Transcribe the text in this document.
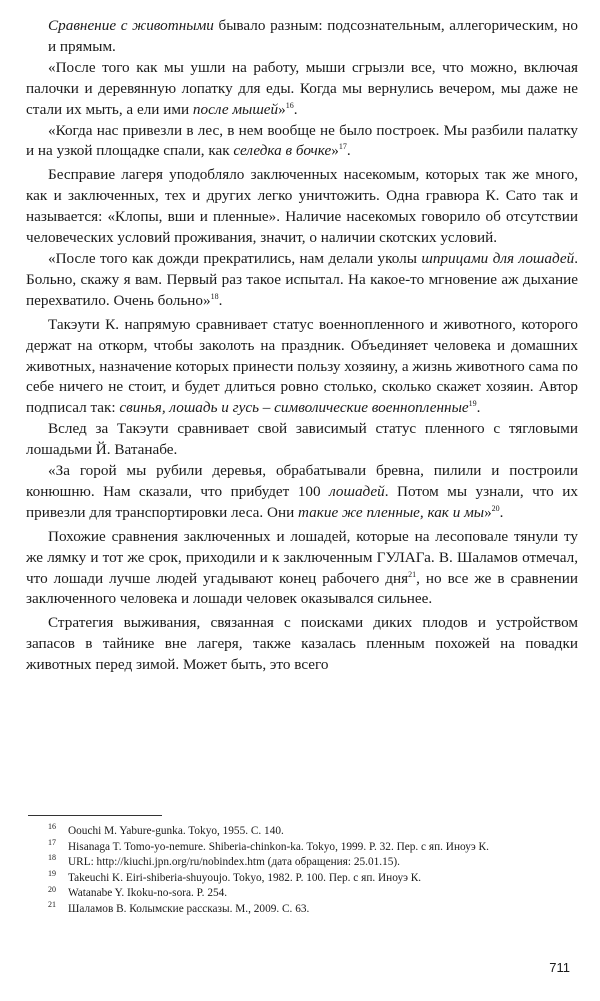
Сравнение с животными бывало разным: подсознательным, аллегорическим, но и прямым.

«После того как мы ушли на работу, мыши сгрызли все, что можно, включая палочки и деревянную лопатку для еды. Когда мы вернулись вечером, мы даже не стали их мыть, а ели ими после мышей»$^{16}$.

«Когда нас привезли в лес, в нем вообще не было построек. Мы разбили палатку и на узкой площадке спали, как селедка в бочке»$^{17}$.

Бесправие лагеря уподобляло заключенных насекомым, которых так же много, как и заключенных, тех и других легко уничтожить. Одна гравюра К. Сато так и называется: «Клопы, вши и пленные». Наличие насекомых говорило об отсутствии человеческих условий проживания, значит, о наличии скотских условий.

«После того как дожди прекратились, нам делали уколы шприцами для лошадей. Больно, скажу я вам. Первый раз такое испытал. На какое-то мгновение аж дыхание перехватило. Очень больно»$^{18}$.

Такэути К. напрямую сравнивает статус военнопленного и животного, которого держат на откорм, чтобы заколоть на праздник. Объединяет человека и домашних животных, назначение которых принести пользу хозяину, а жизнь животного сама по себе ничего не стоит, и будет длиться ровно столько, сколько скажет хозяин. Автор подписал так: свинья, лошадь и гусь – символические военнопленные$^{19}$.

Вслед за Такэути сравнивает свой зависимый статус пленного с тягловыми лошадьми Й. Ватанабе.

«За горой мы рубили деревья, обрабатывали бревна, пилили и построили конюшню. Нам сказали, что прибудет 100 лошадей. Потом мы узнали, что их привезли для транспортировки леса. Они такие же пленные, как и мы»$^{20}$.

Похожие сравнения заключенных и лошадей, которые на лесоповале тянули ту же лямку и тот же срок, приходили и к заключенным ГУЛАГа. В. Шаламов отмечал, что лошади лучше людей угадывают конец рабочего дня$^{21}$, но все же в сравнении заключенного человека и лошади человек оказывался сильнее.

Стратегия выживания, связанная с поисками диких плодов и устройством запасов в тайнике вне лагеря, также казалась пленным похожей на повадки животных перед зимой. Может быть, это всего

$^{16}$ Oouchi M. Yabure-gunka. Tokyo, 1955. С. 140.

$^{17}$ Hisanaga T. Tomo-yo-nemure. Shiberia-chinkon-ka. Tokyo, 1999. P. 32. Пер. с яп. Иноуэ К.

$^{18}$ URL: http://kiuchi.jpn.org/ru/nobindex.htm (дата обращения: 25.01.15).

$^{19}$ Takeuchi K. Eiri-shiberia-shuyoujo. Tokyo, 1982. P. 100. Пер. с яп. Иноуэ К.

$^{20}$ Watanabe Y. Ikoku-no-sora. P. 254.

$^{21}$ Шаламов В. Колымские рассказы. М., 2009. С. 63.

711
